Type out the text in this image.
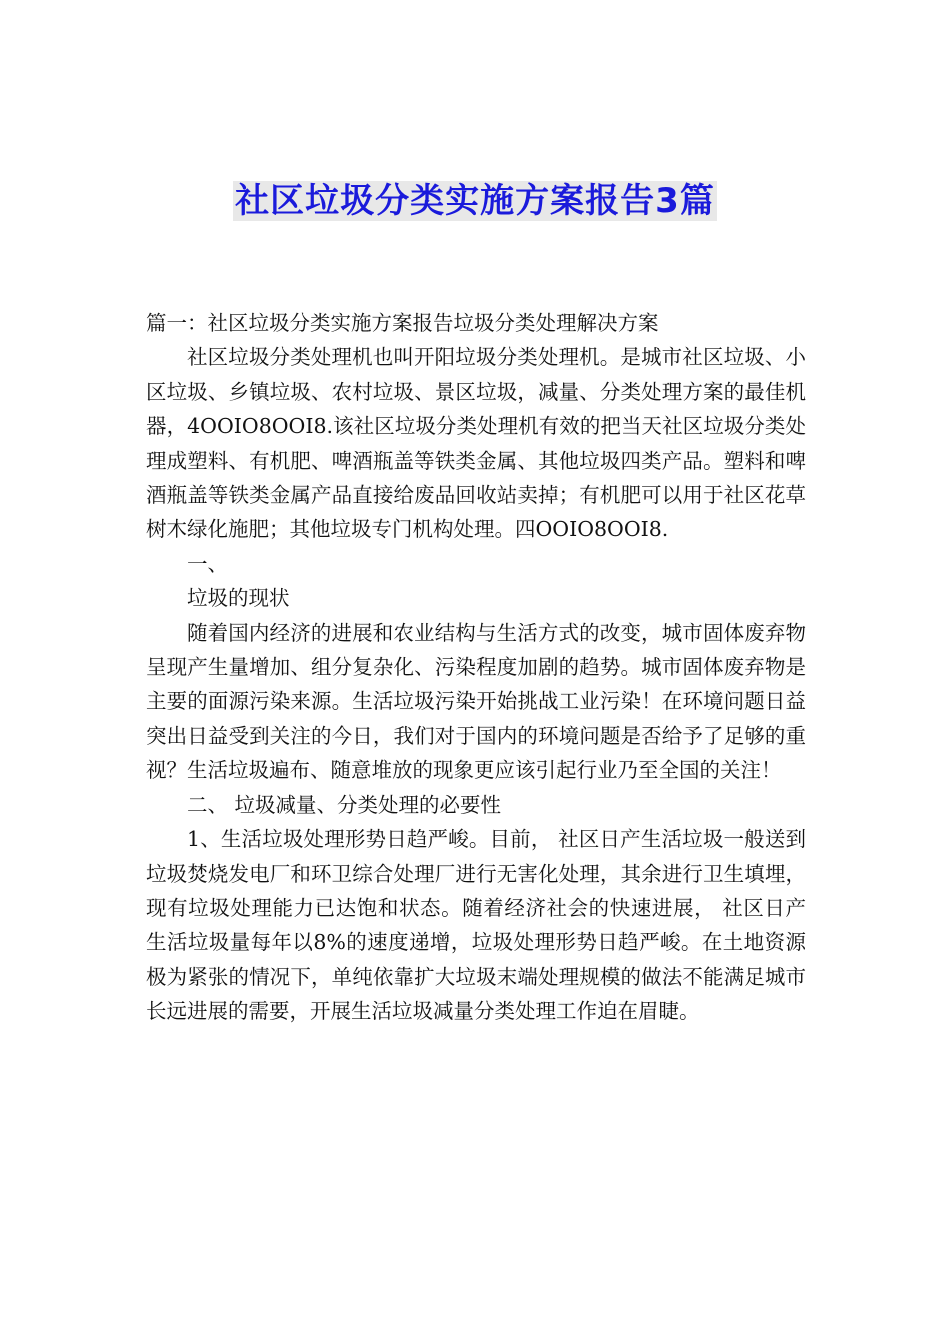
社区垃圾分类实施方案报告3篇

篇一：社区垃圾分类实施方案报告垃圾分类处理解决方案

社区垃圾分类处理机也叫开阳垃圾分类处理机。是城市社区垃圾、小区垃圾、乡镇垃圾、农村垃圾、景区垃圾，减量、分类处理方案的最佳机器，4OOIO8OOI8.该社区垃圾分类处理机有效的把当天社区垃圾分类处理成塑料、有机肥、啤酒瓶盖等铁类金属、其他垃圾四类产品。塑料和啤酒瓶盖等铁类金属产品直接给废品回收站卖掉；有机肥可以用于社区花草树木绿化施肥；其他垃圾专门机构处理。四OOIO8OOI8.

一、

垃圾的现状

随着国内经济的进展和农业结构与生活方式的改变，城市固体废弃物呈现产生量增加、组分复杂化、污染程度加剧的趋势。城市固体废弃物是主要的面源污染来源。生活垃圾污染开始挑战工业污染！在环境问题日益突出日益受到关注的今日，我们对于国内的环境问题是否给予了足够的重视？生活垃圾遍布、随意堆放的现象更应该引起行业乃至全国的关注！

二、 垃圾减量、分类处理的必要性

1、生活垃圾处理形势日趋严峻。目前， 社区日产生活垃圾一般送到垃圾焚烧发电厂和环卫综合处理厂进行无害化处理，其余进行卫生填埋，现有垃圾处理能力已达饱和状态。随着经济社会的快速进展， 社区日产生活垃圾量每年以8%的速度递增，垃圾处理形势日趋严峻。在土地资源极为紧张的情况下，单纯依靠扩大垃圾末端处理规模的做法不能满足城市长远进展的需要，开展生活垃圾减量分类处理工作迫在眉睫。
